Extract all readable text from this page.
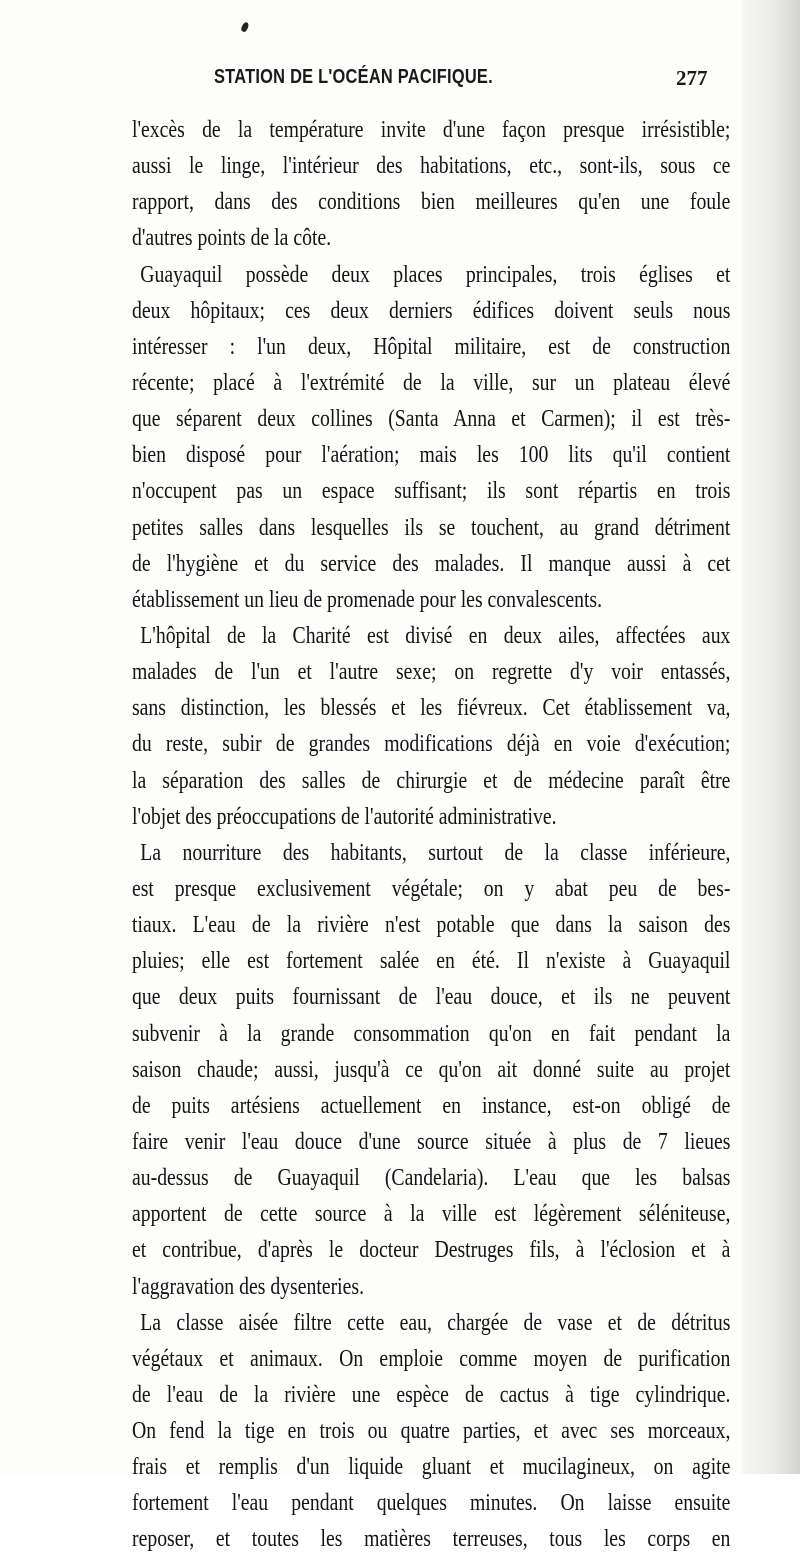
STATION DE L'OCÉAN PACIFIQUE.	277
l'excès de la température invite d'une façon presque irrésistible;
aussi le linge, l'intérieur des habitations, etc., sont-ils, sous ce
rapport, dans des conditions bien meilleures qu'en une foule
d'autres points de la côte.
Guayaquil possède deux places principales, trois églises et
deux hôpitaux; ces deux derniers édifices doivent seuls nous
intéresser : l'un deux, Hôpital militaire, est de construction
récente; placé à l'extrémité de la ville, sur un plateau élevé
que séparent deux collines (Santa Anna et Carmen); il est très-
bien disposé pour l'aération; mais les 100 lits qu'il contient
n'occupent pas un espace suffisant; ils sont répartis en trois
petites salles dans lesquelles ils se touchent, au grand détriment
de l'hygiène et du service des malades. Il manque aussi à cet
établissement un lieu de promenade pour les convalescents.
L'hôpital de la Charité est divisé en deux ailes, affectées aux
malades de l'un et l'autre sexe; on regrette d'y voir entassés,
sans distinction, les blessés et les fiévreux. Cet établissement va,
du reste, subir de grandes modifications déjà en voie d'exécution;
la séparation des salles de chirurgie et de médecine paraît être
l'objet des préoccupations de l'autorité administrative.
La nourriture des habitants, surtout de la classe inférieure,
est presque exclusivement végétale; on y abat peu de bes-
tiaux. L'eau de la rivière n'est potable que dans la saison des
pluies; elle est fortement salée en été. Il n'existe à Guayaquil
que deux puits fournissant de l'eau douce, et ils ne peuvent
subvenir à la grande consommation qu'on en fait pendant la
saison chaude; aussi, jusqu'à ce qu'on ait donné suite au projet
de puits artésiens actuellement en instance, est-on obligé de
faire venir l'eau douce d'une source située à plus de 7 lieues
au-dessus de Guayaquil (Candelaria). L'eau que les balsas
apportent de cette source à la ville est légèrement séléniteuse,
et contribue, d'après le docteur Destruges fils, à l'éclosion et à
l'aggravation des dysenteries.
La classe aisée filtre cette eau, chargée de vase et de détritus
végétaux et animaux. On emploie comme moyen de purification
de l'eau de la rivière une espèce de cactus à tige cylindrique.
On fend la tige en trois ou quatre parties, et avec ses morceaux,
frais et remplis d'un liquide gluant et mucilagineux, on agite
fortement l'eau pendant quelques minutes. On laisse ensuite
reposer, et toutes les matières terreuses, tous les corps en
